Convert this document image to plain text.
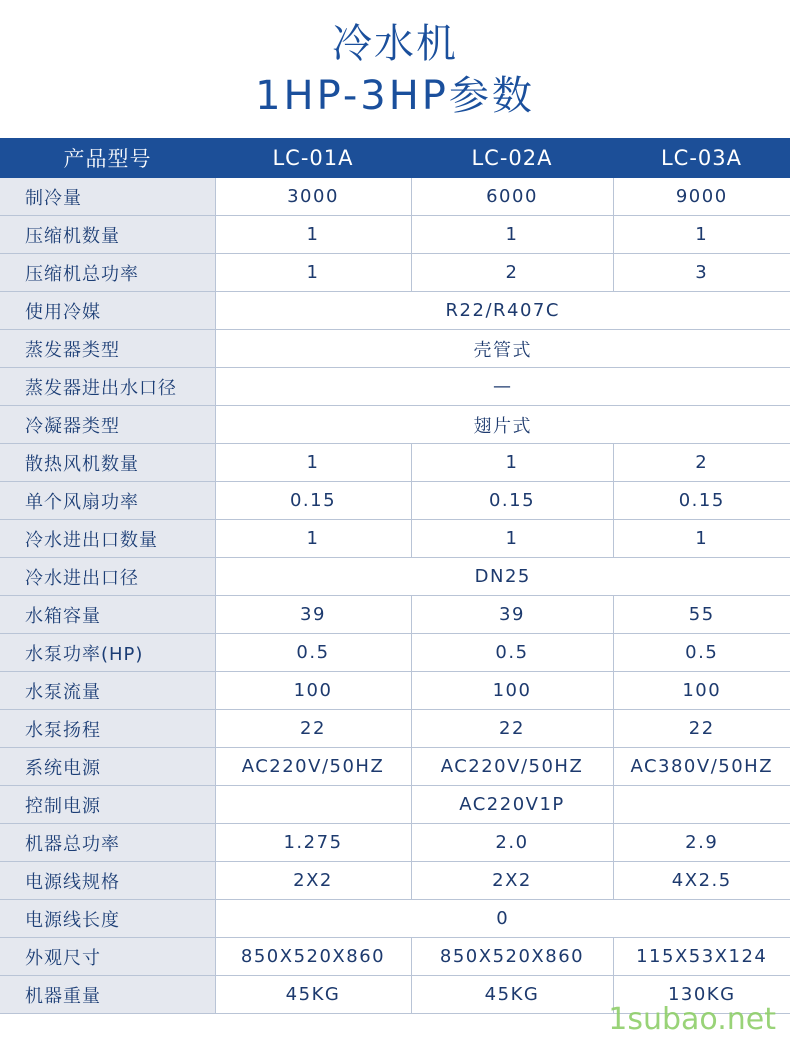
冷水机
1HP-3HP参数
产品型号	LC-01A	LC-02A	LC-03A
制冷量	3000	6000	9000
压缩机数量	1	1	1
压缩机总功率	1	2	3
使用冷媒	R22/R407C		
蒸发器类型	壳管式		
蒸发器进出水口径	—		
冷凝器类型	翅片式		
散热风机数量	1	1	2
单个风扇功率	0.15	0.15	0.15
冷水进出口数量	1	1	1
冷水进出口径	DN25		
水箱容量	39	39	55
水泵功率(HP)	0.5	0.5	0.5
水泵流量	100	100	100
水泵扬程	22	22	22
系统电源	AC220V/50HZ	AC220V/50HZ	AC380V/50HZ
控制电源		AC220V1P	
机器总功率	1.275	2.0	2.9
电源线规格	2X2	2X2	4X2.5
电源线长度	0		
外观尺寸	850X520X860	850X520X860	115X53X124
机器重量	45KG	45KG	130KG
1subao.net
